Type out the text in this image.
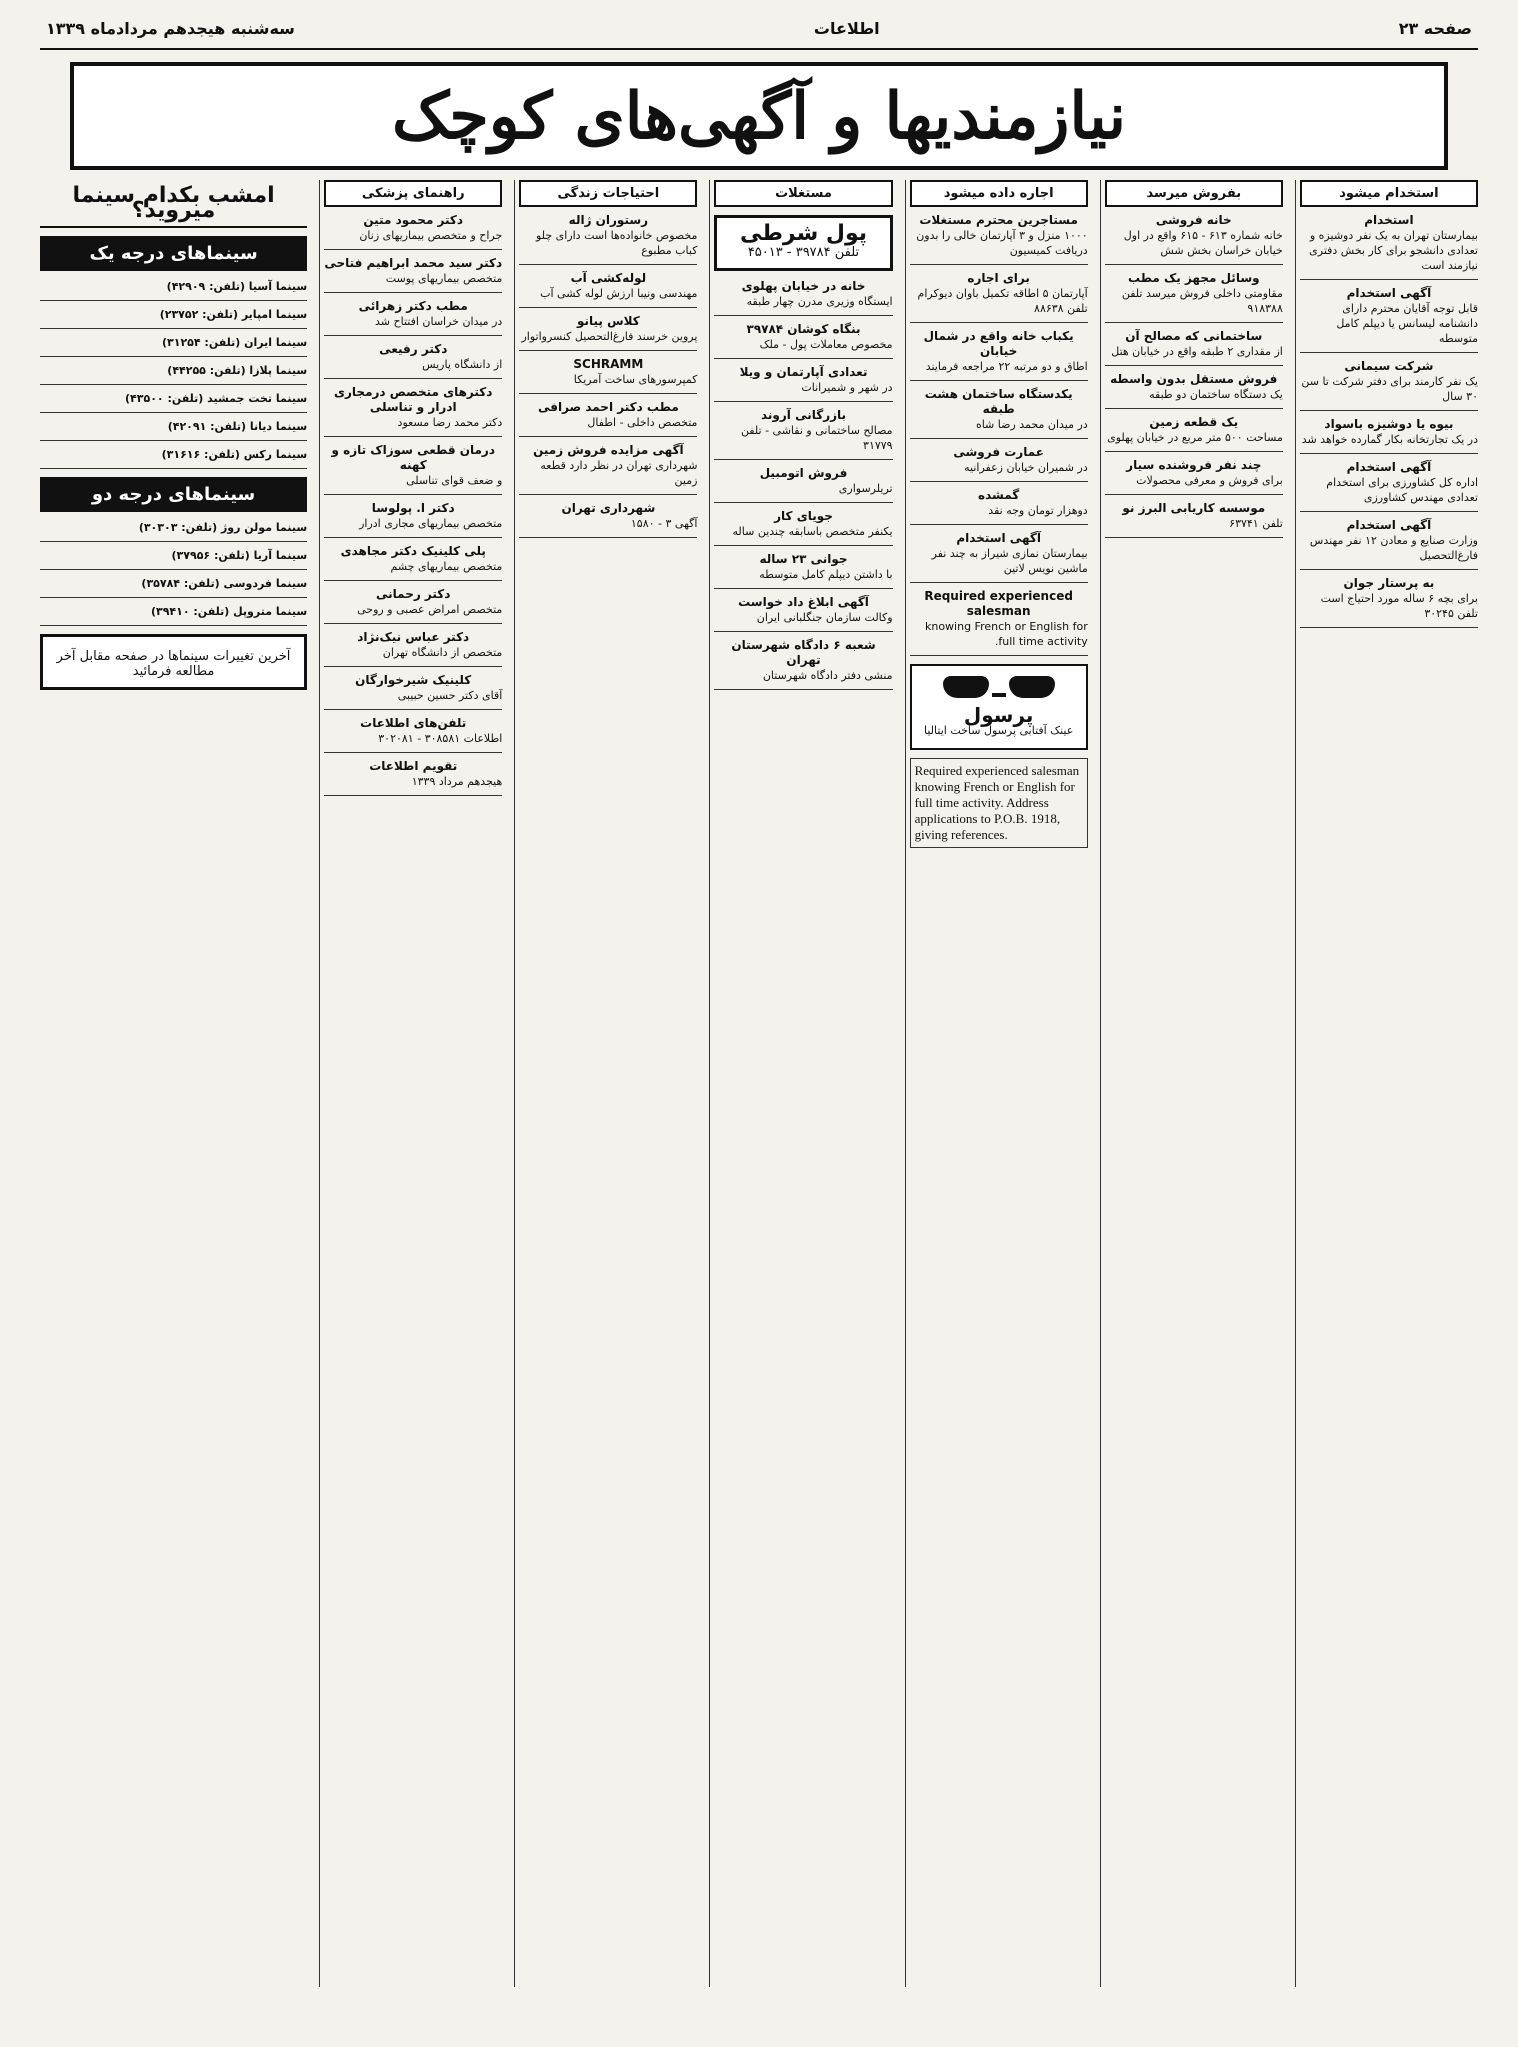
صفحه ۲۳
اطلاعات
سه‌شنبه هیجدهم مرداد‌ماه ۱۳۳۹
نیازمندیها و آگهی‌های کوچک
استخدام میشود
استخدام
بیمارستان تهران به یک نفر دوشیزه و تعدادی دانشجو برای کار بخش دفتری نیازمند است
آگهی استخدام
قابل توجه آقایان محترم دارای دانشنامه لیسانس یا دیپلم کامل متوسطه
شرکت سیمانی
یک نفر کارمند برای دفتر شرکت تا سن ۳۰ سال
بیوه یا دوشیزه باسواد
در یک تجارتخانه بکار گمارده خواهد شد
آگهی استخدام
اداره کل کشاورزی برای استخدام تعدادی مهندس کشاورزی
آگهی استخدام
وزارت صنایع و معادن ۱۲ نفر مهندس فارغ‌التحصیل
به پرستار جوان
برای بچه ۶ ساله مورد احتیاج است تلفن ۳۰۲۴۵
بفروش میرسد
خانه فروشی
خانه شماره ۶۱۳ - ۶۱۵ واقع در اول خیابان خراسان بخش شش
وسائل مجهز یک مطب
مقاومتی داخلی فروش میرسد تلفن ۹۱۸۳۸۸
ساختمانی که مصالح آن
از مقداری ۲ طبقه واقع در خیابان هتل
فروش مستقل بدون واسطه
یک دستگاه ساختمان دو طبقه
یک قطعه زمین
مساحت ۵۰۰ متر مربع در خیابان پهلوی
چند نفر فروشنده سیار
برای فروش و معرفی محصولات
موسسه کاریابی البرز نو
تلفن ۶۳۷۴۱
اجاره داده میشود
مستاجرین محترم مستغلات
۱۰۰۰ منزل و ۳ آپارتمان خالی را بدون دریافت کمیسیون
برای اجاره
آپارتمان ۵ اطاقه تکمیل باوان دیوکرام تلفن ۸۸۶۳۸
یکباب خانه واقع در شمال خیابان
اطاق و دو مرتبه ۲۲ مراجعه فرمایند
یکدستگاه ساختمان هشت طبقه
در میدان محمد رضا شاه
عمارت فروشی
در شمیران خیابان زعفرانیه
گمشده
دوهزار تومان وجه نقد
آگهی استخدام
بیمارستان نمازی شیراز به چند نفر ماشین نویس لاتین
Required experienced salesman
knowing French or English for full time activity.
پرسول
عینک آفتابی پرسول ساخت ایتالیا
Required experienced salesman knowing French or English for full time activity. Address applications to P.O.B. 1918, giving references.
مستغلات
پول شرطی
تلفن ۳۹۷۸۴ - ۴۵۰۱۳
خانه در خیابان پهلوی
ایستگاه وزیری مدرن چهار طبقه
بنگاه کوشان ۳۹۷۸۴
مخصوص معاملات پول - ملک
تعدادی آپارتمان و ویلا
در شهر و شمیرانات
بازرگانی آروند
مصالح ساختمانی و نقاشی - تلفن ۳۱۷۷۹
فروش اتومبیل
تریلرسواری
جویای کار
یکنفر متخصص باسابقه چندین ساله
جوانی ۲۳ ساله
با داشتن دیپلم کامل متوسطه
آگهی ابلاغ داد خواست
وکالت سازمان جنگلبانی ایران
شعبه ۶ دادگاه شهرستان تهران
منشی دفتر دادگاه شهرستان
احتیاجات زندگی
رستوران ژاله
مخصوص خانواده‌ها است دارای چلو کباب مطبوع
لوله‌کشی آب
مهندسی ونیبا ارزش لوله کشی آب
کلاس پیانو
پروین خرسند فارغ‌التحصیل کنسرواتوار
SCHRAMM
کمپرسورهای ساخت آمریکا
مطب دکتر احمد صرافی
متخصص داخلی - اطفال
آگهی مزایده فروش زمین
شهرداری تهران در نظر دارد قطعه زمین
شهرداری تهران
آگهی ۳ - ۱۵۸۰
راهنمای پزشکی
دکتر محمود متین
جراح و متخصص بیماریهای زنان
دکتر سید محمد ابراهیم فتاحی
متخصص بیماریهای پوست
مطب دکتر زهرائی
در میدان خراسان افتتاح شد
دکتر رفیعی
از دانشگاه پاریس
دکترهای متخصص درمجاری ادرار و تناسلی
دکتر محمد رضا مسعود
درمان قطعی سوزاک تازه و کهنه
و ضعف قوای تناسلی
دکتر ا. پولوسا
متخصص بیماریهای مجاری ادرار
پلی کلینیک دکتر مجاهدی
متخصص بیماریهای چشم
دکتر رحمانی
متخصص امراض عصبی و روحی
دکتر عباس نیک‌نژاد
متخصص از دانشگاه تهران
کلینیک شیرخوارگان
آقای دکتر حسین حبیبی
تلفن‌های اطلاعات
اطلاعات ۳۰۸۵۸۱ - ۳۰۲۰۸۱
تقویم اطلاعات
هیجدهم مرداد ۱۳۳۹
امشب بکدام سینما میروید؟
سینماهای درجه یک
سینما آسیا (تلفن: ۴۲۹۰۹)
سینما امپایر (تلفن: ۲۳۷۵۲)
سینما ایران (تلفن: ۳۱۲۵۴)
سینما پلازا (تلفن: ۴۴۲۵۵)
سینما تخت جمشید (تلفن: ۴۳۵۰۰)
سینما دیانا (تلفن: ۴۲۰۹۱)
سینما رکس (تلفن: ۳۱۶۱۶)
سینماهای درجه دو
سینما مولن روژ (تلفن: ۳۰۳۰۳)
سینما آریا (تلفن: ۳۷۹۵۶)
سینما فردوسی (تلفن: ۳۵۷۸۴)
سینما متروپل (تلفن: ۳۹۴۱۰)
آخرین تغییرات سینماها در صفحه مقابل آخر مطالعه فرمائید
